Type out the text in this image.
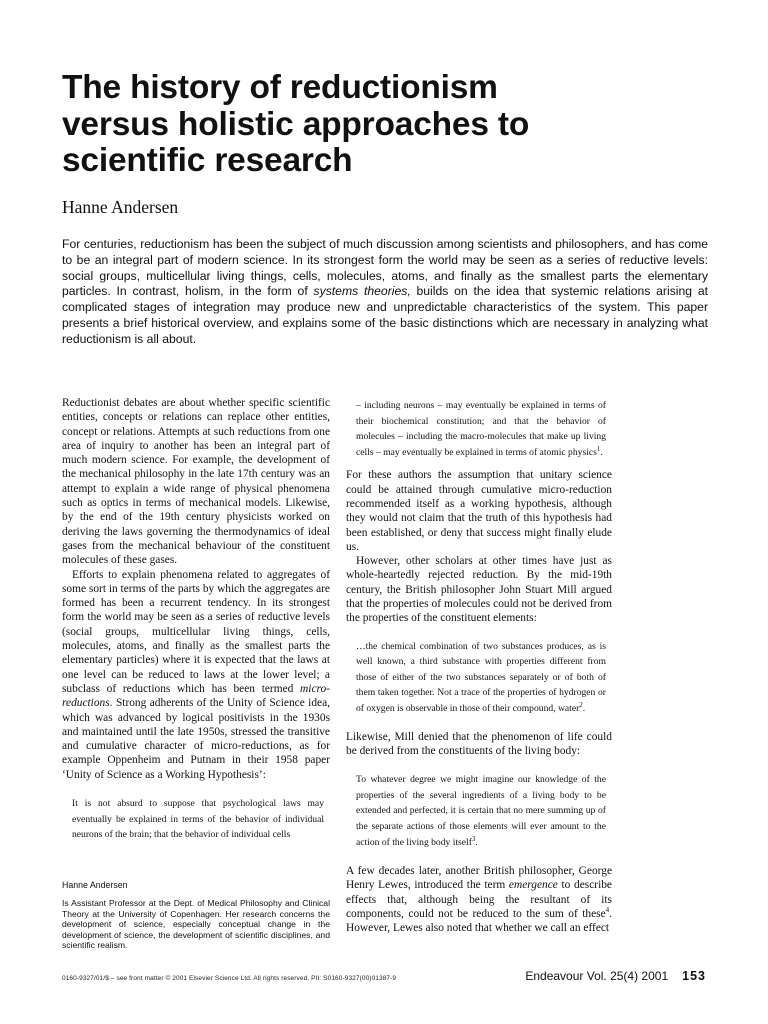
The history of reductionism
versus holistic approaches to
scientific research
Hanne Andersen

For centuries, reductionism has been the subject of much discussion among scientists and philosophers, and has come to be an integral part of modern science. In its strongest form the world may be seen as a series of reductive levels: social groups, multicellular living things, cells, molecules, atoms, and finally as the smallest parts the elementary particles. In contrast, holism, in the form of systems theories, builds on the idea that systemic relations arising at complicated stages of integration may produce new and unpredictable characteristics of the system. This paper presents a brief historical overview, and explains some of the basic distinctions which are necessary in analyzing what reductionism is all about.

Reductionist debates are about whether specific scientific entities, concepts or relations can replace other entities, concept or relations. Attempts at such reductions from one area of inquiry to another has been an integral part of much modern science. For example, the development of the mechanical philosophy in the late 17th century was an attempt to explain a wide range of physical phenomena such as optics in terms of mechanical models. Likewise, by the end of the 19th century physicists worked on deriving the laws governing the thermodynamics of ideal gases from the mechanical behaviour of the constituent molecules of these gases.

Efforts to explain phenomena related to aggregates of some sort in terms of the parts by which the aggregates are formed has been a recurrent tendency. In its strongest form the world may be seen as a series of reductive levels (social groups, multicellular living things, cells, molecules, atoms, and finally as the smallest parts the elementary particles) where it is expected that the laws at one level can be reduced to laws at the lower level; a subclass of reductions which has been termed micro-reductions. Strong adherents of the Unity of Science idea, which was advanced by logical positivists in the 1930s and maintained until the late 1950s, stressed the transitive and cumulative character of micro-reductions, as for example Oppenheim and Putnam in their 1958 paper ‘Unity of Science as a Working Hypothesis’:

It is not absurd to suppose that psychological laws may eventually be explained in terms of the behavior of individual neurons of the brain; that the behavior of individual cells

– including neurons – may eventually be explained in terms of their biochemical constitution; and that the behavior of molecules – including the macro-molecules that make up living cells – may eventually be explained in terms of atomic physics$^1$.

For these authors the assumption that unitary science could be attained through cumulative micro-reduction recommended itself as a working hypothesis, although they would not claim that the truth of this hypothesis had been established, or deny that success might finally elude us.

However, other scholars at other times have just as whole-heartedly rejected reduction. By the mid-19th century, the British philosopher John Stuart Mill argued that the properties of molecules could not be derived from the properties of the constituent elements:

…the chemical combination of two substances produces, as is well known, a third substance with properties different from those of either of the two substances separately or of both of them taken together. Not a trace of the properties of hydrogen or of oxygen is observable in those of their compound, water$^2$.

Likewise, Mill denied that the phenomenon of life could be derived from the constituents of the living body:

To whatever degree we might imagine our knowledge of the properties of the several ingredients of a living body to be extended and perfected, it is certain that no mere summing up of the separate actions of those elements will ever amount to the action of the living body itself$^3$.

A few decades later, another British philosopher, George Henry Lewes, introduced the term emergence to describe effects that, although being the resultant of its components, could not be reduced to the sum of these$^4$. However, Lewes also noted that whether we call an effect

Hanne Andersen
Is Assistant Professor at the Dept. of Medical Philosophy and Clinical Theory at the University of Copenhagen. Her research concerns the development of science, especially conceptual change in the development of science, the development of scientific disciplines, and scientific realism.
0160-9327/01/$ – see front matter © 2001 Elsevier Science Ltd. All rights reserved. PII: S0160-9327(00)01387-9	Endeavour Vol. 25(4) 2001 153
